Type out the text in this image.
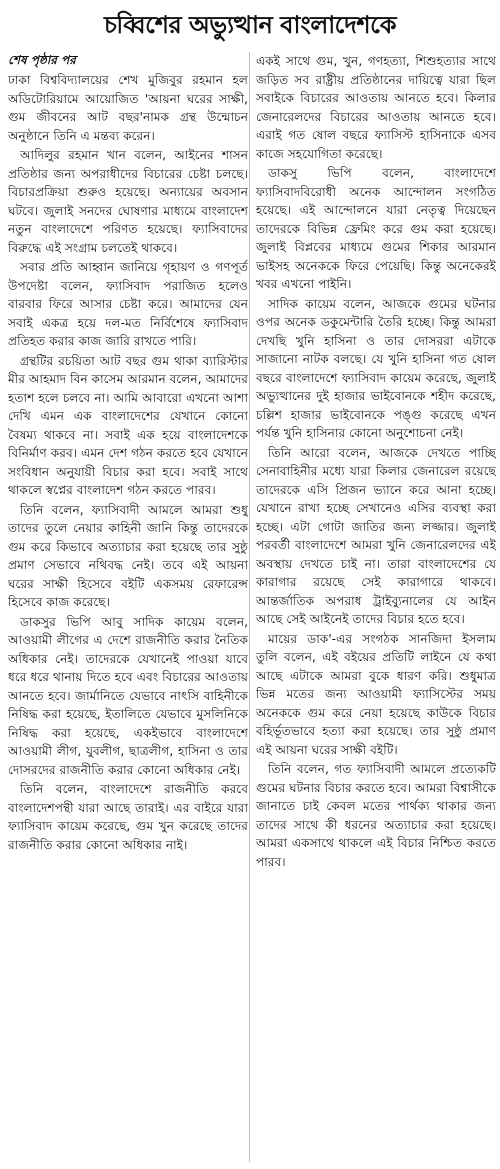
চব্বিশের অভ্যুত্থান বাংলাদেশকে
শেষ পৃষ্ঠার পর

ঢাকা বিশ্ববিদ্যালয়ের শেখ মুজিবুর রহমান হল অডিটোরিয়ামে আয়োজিত 'আয়না ঘরের সাক্ষী, গুম জীবনের আট বছর'নামক গ্রন্থ উন্মোচন অনুষ্ঠানে তিনি এ মন্তব্য করেন।

আদিলুর রহমান খান বলেন, আইনের শাসন প্রতিষ্ঠার জন্য অপরাধীদের বিচারের চেষ্টা চলছে। বিচারপ্রক্রিয়া শুরুও হয়েছে। অন্যায়ের অবসান ঘটবে। জুলাই সনদের ঘোষণার মাধ্যমে বাংলাদেশ নতুন বাংলাদেশে পরিণত হয়েছে। ফ্যাসিবাদের বিরুদ্ধে এই সংগ্রাম চলতেই থাকবে।

সবার প্রতি আহ্বান জানিয়ে গৃহায়ণ ও গণপূর্ত উপদেষ্টা বলেন, ফ্যাসিবাদ পরাজিত হলেও বারবার ফিরে আসার চেষ্টা করে। আমাদের যেন সবাই একত্র হয়ে দল-মত নির্বিশেষে ফ্যাসিবাদ প্রতিহত করার কাজ জারি রাখতে পারি।

গ্রন্থটির রচয়িতা আট বছর গুম থাকা ব্যারিস্টার মীর আহমাদ বিন কাসেম আরমান বলেন, আমাদের হতাশ হলে চলবে না। আমি আবারো এখনো আশা দেখি এমন এক বাংলাদেশের যেখানে কোনো বৈষম্য থাকবে না। সবাই এক হয়ে বাংলাদেশকে বিনির্মাণ করব। এমন দেশ গঠন করতে হবে যেখানে সংবিধান অনুযায়ী বিচার করা হবে। সবাই সাথে থাকলে স্বপ্নের বাংলাদেশ গঠন করতে পারব।

তিনি বলেন, ফ্যাসিবাদী আমলে আমরা শুধু তাদের তুলে নেয়ার কাহিনী জানি কিন্তু তাদেরকে গুম করে কিভাবে অত্যাচার করা হয়েছে তার সুষ্ঠু প্রমাণ সেভাবে নথিবদ্ধ নেই। তবে এই আয়না ঘরের সাক্ষী হিসেবে বইটি একসময় রেফারেন্স হিসেবে কাজ করেছে।

ডাকসুর ভিপি আবু সাদিক কায়েম বলেন, আওয়ামী লীগের এ দেশে রাজনীতি করার নৈতিক অধিকার নেই। তাদেরকে যেখানেই পাওয়া যাবে ধরে ধরে থানায় দিতে হবে এবং বিচারের আওতায় আনতে হবে। জার্মানিতে যেভাবে নাৎসি বাহিনীকে নিষিদ্ধ করা হয়েছে, ইতালিতে যেভাবে মুসলিনিকে নিষিদ্ধ করা হয়েছে, একইভাবে বাংলাদেশে আওয়ামী লীগ, যুবলীগ, ছাত্রলীগ, হাসিনা ও তার দোসরদের রাজনীতি করার কোনো অধিকার নেই।

তিনি বলেন, বাংলাদেশে রাজনীতি করবে বাংলাদেশপন্থী যারা আছে তারাই। এর বাইরে যারা ফ্যাসিবাদ কায়েম করেছে, গুম খুন করেছে তাদের রাজনীতি করার কোনো অধিকার নাই।

একই সাথে গুম, খুন, গণহত্যা, শিশুহত্যার সাথে জড়িত সব রাষ্ট্রীয় প্রতিষ্ঠানের দায়িত্বে যারা ছিল সবাইকে বিচারের আওতায় আনতে হবে। কিলার জেনারেলদের বিচারের আওতায় আনতে হবে। এরাই গত ষোল বছরে ফ্যাসিস্ট হাসিনাকে এসব কাজে সহযোগিতা করেছে।

ডাকসু ভিপি বলেন, বাংলাদেশে ফ্যাসিবাদবিরোধী অনেক আন্দোলন সংগঠিত হয়েছে। এই আন্দোলনে যারা নেতৃত্ব দিয়েছেন তাদেরকে বিভিন্ন ফ্রেমিং করে গুম করা হয়েছে। জুলাই বিপ্লবের মাধ্যমে গুমের শিকার আরমান ভাইসহ অনেককে ফিরে পেয়েছি। কিন্তু অনেকেরই খবর এখনো পাইনি।

সাদিক কায়েম বলেন, আজকে গুমের ঘটনার ওপর অনেক ডকুমেন্টারি তৈরি হচ্ছে। কিন্তু আমরা দেখছি খুনি হাসিনা ও তার দোসররা এটাকে সাজানো নাটক বলছে। যে খুনি হাসিনা গত ষোল বছরে বাংলাদেশে ফ্যাসিবাদ কায়েম করেছে, জুলাই অভ্যুত্থানের দুই হাজার ভাইবোনকে শহীদ করেছে, চল্লিশ হাজার ভাইবোনকে পঙ্গু করেছে এখন পর্যন্ত খুনি হাসিনার কোনো অনুশোচনা নেই।

তিনি আরো বলেন, আজকে দেখতে পাচ্ছি সেনাবাহিনীর মধ্যে যারা কিলার জেনারেল রয়েছে তাদেরকে এসি প্রিজন ভ্যানে করে আনা হচ্ছে। যেখানে রাখা হচ্ছে সেখানেও এসির ব্যবস্থা করা হচ্ছে। এটা গোটা জাতির জন্য লজ্জার। জুলাই পরবর্তী বাংলাদেশে আমরা খুনি জেনারেলদের এই অবস্থায় দেখতে চাই না। তারা বাংলাদেশের যে কারাগার রয়েছে সেই কারাগারে থাকবে। আন্তর্জাতিক অপরাধ ট্রাইব্যুনালের যে আইন আছে সেই আইনেই তাদের বিচার হতে হবে।

মায়ের ডাক'-এর সংগঠক সানজিদা ইসলাম তুলি বলেন, এই বইয়ের প্রতিটি লাইনে যে কথা আছে এটাকে আমরা বুকে ধারণ করি। শুধুমাত্র ভিন্ন মতের জন্য আওয়ামী ফ্যাসিস্টের সময় অনেককে গুম করে নেয়া হয়েছে কাউকে বিচার বহির্ভূতভাবে হত্যা করা হয়েছে। তার সুষ্ঠু প্রমাণ এই আয়না ঘরের সাক্ষী বইটি।

তিনি বলেন, গত ফ্যাসিবাদী আমলে প্রত্যেকটি গুমের ঘটনার বিচার করতে হবে। আমরা বিশ্বাসীকে জানাতে চাই কেবল মতের পার্থক্য থাকার জন্য তাদের সাথে কী ধরনের অত্যাচার করা হয়েছে। আমরা একসাথে থাকলে এই বিচার নিশ্চিত করতে পারব।
